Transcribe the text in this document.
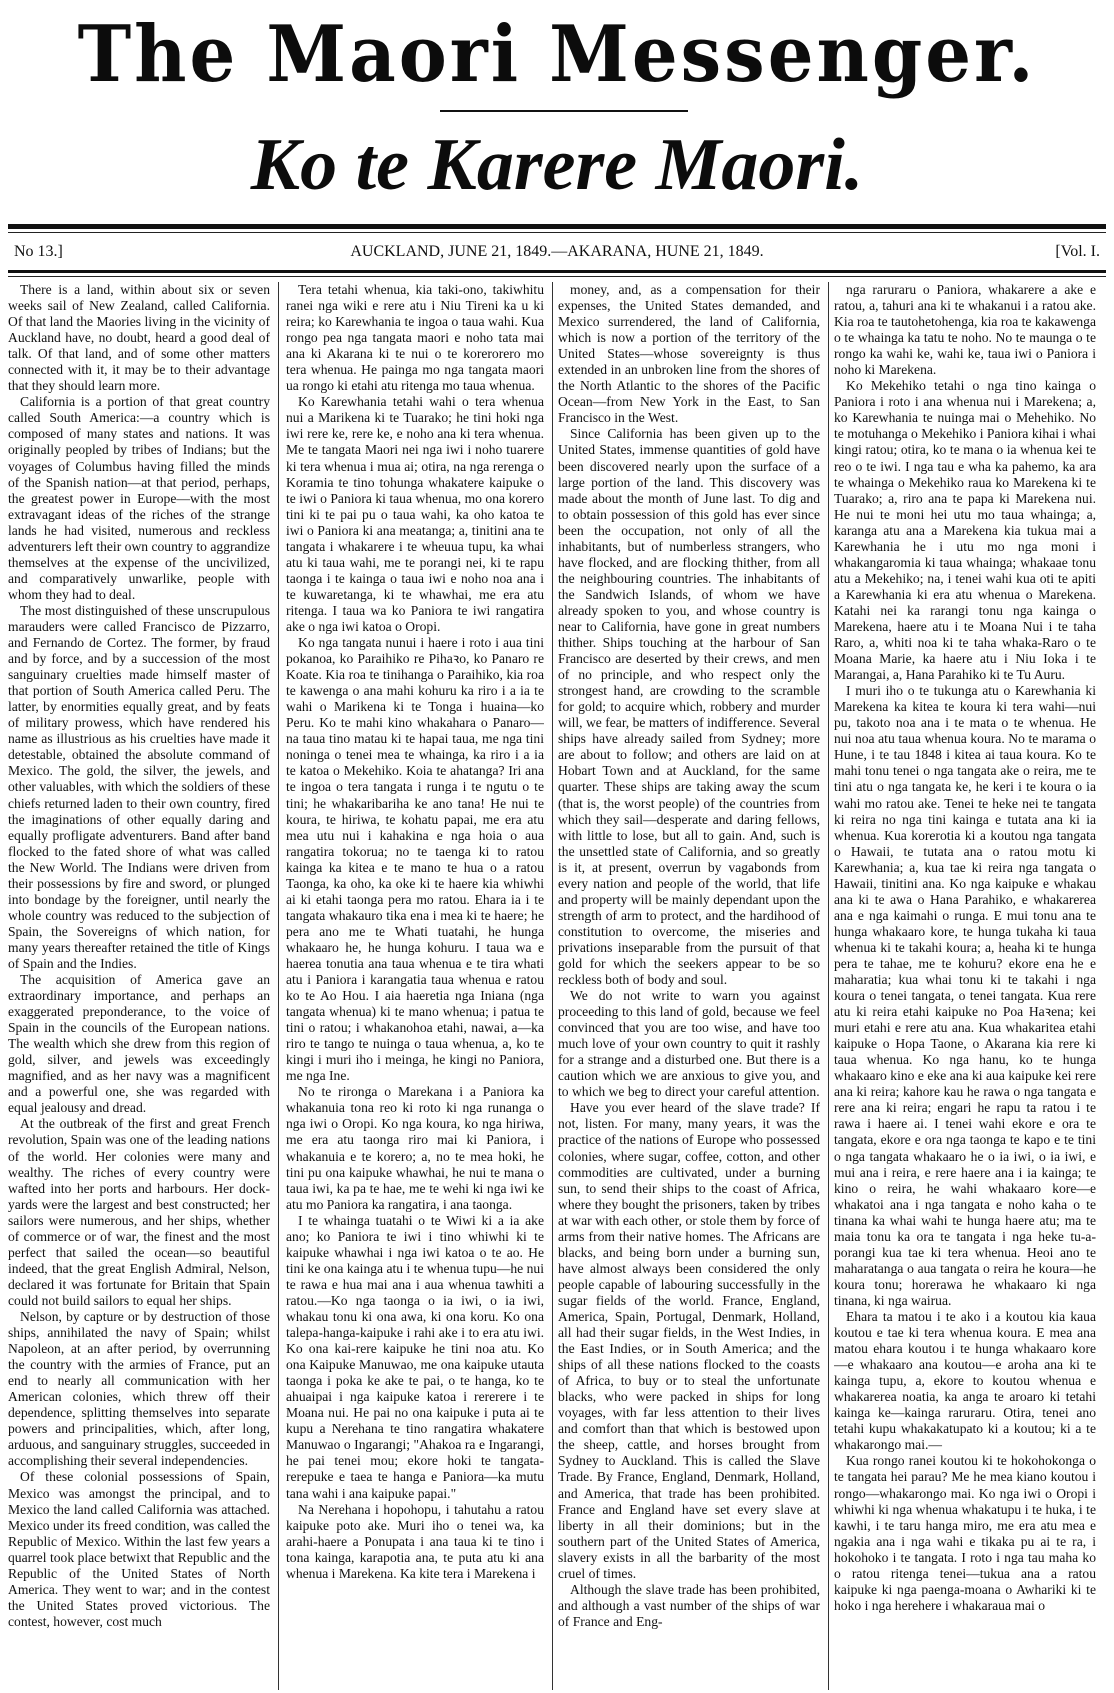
The Maori Messenger.
Ko te Karere Maori.
No 13.]	AUCKLAND, JUNE 21, 1849.—AKARANA, HUNE 21, 1849.	[Vol. I.

There is a land, within about six or seven weeks sail of New Zealand, called California. Of that land the Maories living in the vicinity of Auckland have, no doubt, heard a good deal of talk. Of that land, and of some other matters connected with it, it may be to their advantage that they should learn more.

California is a portion of that great country called South America:—a country which is composed of many states and nations. It was originally peopled by tribes of Indians; but the voyages of Columbus having filled the minds of the Spanish nation—at that period, perhaps, the greatest power in Europe—with the most extravagant ideas of the riches of the strange lands he had visited, numerous and reckless adventurers left their own country to aggrandize themselves at the expense of the uncivilized, and comparatively unwarlike, people with whom they had to deal.

The most distinguished of these unscrupulous marauders were called Francisco de Pizzarro, and Fernando de Cortez. The former, by fraud and by force, and by a succession of the most sanguinary cruelties made himself master of that portion of South America called Peru. The latter, by enormities equally great, and by feats of military prowess, which have rendered his name as illustrious as his cruelties have made it detestable, obtained the absolute command of Mexico. The gold, the silver, the jewels, and other valuables, with which the soldiers of these chiefs returned laden to their own country, fired the imaginations of other equally daring and equally profligate adventurers. Band after band flocked to the fated shore of what was called the New World. The Indians were driven from their possessions by fire and sword, or plunged into bondage by the foreigner, until nearly the whole country was reduced to the subjection of Spain, the Sovereigns of which nation, for many years thereafter retained the title of Kings of Spain and the Indies.

The acquisition of America gave an extraordinary importance, and perhaps an exaggerated preponderance, to the voice of Spain in the councils of the European nations. The wealth which she drew from this region of gold, silver, and jewels was exceedingly magnified, and as her navy was a magnificent and a powerful one, she was regarded with equal jealousy and dread.

At the outbreak of the first and great French revolution, Spain was one of the leading nations of the world. Her colonies were many and wealthy. The riches of every country were wafted into her ports and harbours. Her dock-yards were the largest and best constructed; her sailors were numerous, and her ships, whether of commerce or of war, the finest and the most perfect that sailed the ocean—so beautiful indeed, that the great English Admiral, Nelson, declared it was fortunate for Britain that Spain could not build sailors to equal her ships.

Nelson, by capture or by destruction of those ships, annihilated the navy of Spain; whilst Napoleon, at an after period, by overrunning the country with the armies of France, put an end to nearly all communication with her American colonies, which threw off their dependence, splitting themselves into separate powers and principalities, which, after long, arduous, and sanguinary struggles, succeeded in accomplishing their several independencies.

Of these colonial possessions of Spain, Mexico was amongst the principal, and to Mexico the land called California was attached. Mexico under its freed condition, was called the Republic of Mexico. Within the last few years a quarrel took place betwixt that Republic and the Republic of the United States of North America. They went to war; and in the contest the United States proved victorious. The contest, however, cost much

Tera tetahi whenua, kia taki-ono, takiwhitu ranei nga wiki e rere atu i Niu Tireni ka u ki reira; ko Karewhania te ingoa o taua wahi. Kua rongo pea nga tangata maori e noho tata mai ana ki Akarana ki te nui o te korerorero mo tera whenua. He painga mo nga tangata maori ua rongo ki etahi atu ritenga mo taua whenua.

Ko Karewhania tetahi wahi o tera whenua nui a Marikena ki te Tuarako; he tini hoki nga iwi rere ke, rere ke, e noho ana ki tera whenua. Me te tangata Maori nei nga iwi i noho tuarere ki tera whenua i mua ai; otira, na nga rerenga o Koramia te tino tohunga whakatere kaipuke o te iwi o Paniora ki taua whenua, mo ona korero tini ki te pai pu o taua wahi, ka oho katoa te iwi o Paniora ki ana meatanga; a, tinitini ana te tangata i whakarere i te wheuua tupu, ka whai atu ki taua wahi, me te porangi nei, ki te rapu taonga i te kainga o taua iwi e noho noa ana i te kuwaretanga, ki te whawhai, me era atu ritenga. I taua wa ko Paniora te iwi rangatira ake o nga iwi katoa o Oropi.

Ko nga tangata nunui i haere i roto i aua tini pokanoa, ko Paraihiko re Pihaꝛo, ko Panaro re Koate. Kia roa te tinihanga o Paraihiko, kia roa te kawenga o ana mahi kohuru ka riro i a ia te wahi o Marikena ki te Tonga i huaina—ko Peru. Ko te mahi kino whakahara o Panaro—na taua tino matau ki te hapai taua, me nga tini noninga o tenei mea te whainga, ka riro i a ia te katoa o Mekehiko. Koia te ahatanga? Iri ana te ingoa o tera tangata i runga i te ngutu o te tini; he whakaribariha ke ano tana! He nui te koura, te hiriwa, te kohatu papai, me era atu mea utu nui i kahakina e nga hoia o aua rangatira tokorua; no te taenga ki to ratou kainga ka kitea e te mano te hua o a ratou Taonga, ka oho, ka oke ki te haere kia whiwhi ai ki etahi taonga pera mo ratou. Ehara ia i te tangata whakauro tika ena i mea ki te haere; he pera ano me te Whati tuatahi, he hunga whakaaro he, he hunga kohuru. I taua wa e haerea tonutia ana taua whenua e te tira whati atu i Paniora i karangatia taua whenua e ratou ko te Ao Hou. I aia haeretia nga Iniana (nga tangata whenua) ki te mano whenua; i patua te tini o ratou; i whakanohoa etahi, nawai, a—ka riro te tango te nuinga o taua whenua, a, ko te kingi i muri iho i meinga, he kingi no Paniora, me nga Ine.

No te rironga o Marekana i a Paniora ka whakanuia tona reo ki roto ki nga runanga o nga iwi o Oropi. Ko nga koura, ko nga hiriwa, me era atu taonga riro mai ki Paniora, i whakanuia e te korero; a, no te mea hoki, he tini pu ona kaipuke whawhai, he nui te mana o taua iwi, ka pa te hae, me te wehi ki nga iwi ke atu mo Paniora ka rangatira, i ana taonga.

I te whainga tuatahi o te Wiwi ki a ia ake ano; ko Paniora te iwi i tino whiwhi ki te kaipuke whawhai i nga iwi katoa o te ao. He tini ke ona kainga atu i te whenua tupu—he nui te rawa e hua mai ana i aua whenua tawhiti a ratou.—Ko nga taonga o ia iwi, o ia iwi, whakau tonu ki ona awa, ki ona koru. Ko ona talepa-hanga-kaipuke i rahi ake i to era atu iwi. Ko ona kai-rere kaipuke he tini noa atu. Ko ona Kaipuke Manuwao, me ona kaipuke utauta taonga i poka ke ake te pai, o te hanga, ko te ahuaipai i nga kaipuke katoa i rererere i te Moana nui. He pai no ona kaipuke i puta ai te kupu a Nerehana te tino rangatira whakatere Manuwao o Ingarangi; "Ahakoa ra e Ingarangi, he pai tenei mou; ekore hoki te tangata-rerepuke e taea te hanga e Paniora—ka mutu tana wahi i ana kaipuke papai."

Na Nerehana i hopohopu, i tahutahu a ratou kaipuke poto ake. Muri iho o tenei wa, ka arahi-haere a Ponupata i ana taua ki te tino i tona kainga, karapotia ana, te puta atu ki ana whenua i Marekena. Ka kite tera i Marekena i

money, and, as a compensation for their expenses, the United States demanded, and Mexico surrendered, the land of California, which is now a portion of the territory of the United States—whose sovereignty is thus extended in an unbroken line from the shores of the North Atlantic to the shores of the Pacific Ocean—from New York in the East, to San Francisco in the West.

Since California has been given up to the United States, immense quantities of gold have been discovered nearly upon the surface of a large portion of the land. This discovery was made about the month of June last. To dig and to obtain possession of this gold has ever since been the occupation, not only of all the inhabitants, but of numberless strangers, who have flocked, and are flocking thither, from all the neighbouring countries. The inhabitants of the Sandwich Islands, of whom we have already spoken to you, and whose country is near to California, have gone in great numbers thither. Ships touching at the harbour of San Francisco are deserted by their crews, and men of no principle, and who respect only the strongest hand, are crowding to the scramble for gold; to acquire which, robbery and murder will, we fear, be matters of indifference. Several ships have already sailed from Sydney; more are about to follow; and others are laid on at Hobart Town and at Auckland, for the same quarter. These ships are taking away the scum (that is, the worst people) of the countries from which they sail—desperate and daring fellows, with little to lose, but all to gain. And, such is the unsettled state of California, and so greatly is it, at present, overrun by vagabonds from every nation and people of the world, that life and property will be mainly dependant upon the strength of arm to protect, and the hardihood of constitution to overcome, the miseries and privations inseparable from the pursuit of that gold for which the seekers appear to be so reckless both of body and soul.

We do not write to warn you against proceeding to this land of gold, because we feel convinced that you are too wise, and have too much love of your own country to quit it rashly for a strange and a disturbed one. But there is a caution which we are anxious to give you, and to which we beg to direct your careful attention.

Have you ever heard of the slave trade? If not, listen. For many, many years, it was the practice of the nations of Europe who possessed colonies, where sugar, coffee, cotton, and other commodities are cultivated, under a burning sun, to send their ships to the coast of Africa, where they bought the prisoners, taken by tribes at war with each other, or stole them by force of arms from their native homes. The Africans are blacks, and being born under a burning sun, have almost always been considered the only people capable of labouring successfully in the sugar fields of the world. France, England, America, Spain, Portugal, Denmark, Holland, all had their sugar fields, in the West Indies, in the East Indies, or in South America; and the ships of all these nations flocked to the coasts of Africa, to buy or to steal the unfortunate blacks, who were packed in ships for long voyages, with far less attention to their lives and comfort than that which is bestowed upon the sheep, cattle, and horses brought from Sydney to Auckland. This is called the Slave Trade. By France, England, Denmark, Holland, and America, that trade has been prohibited. France and England have set every slave at liberty in all their dominions; but in the southern part of the United States of America, slavery exists in all the barbarity of the most cruel of times.

Although the slave trade has been prohibited, and although a vast number of the ships of war of France and Eng-

nga raruraru o Paniora, whakarere a ake e ratou, a, tahuri ana ki te whakanui i a ratou ake. Kia roa te tautohetohenga, kia roa te kakawenga o te whainga ka tatu te noho. No te maunga o te rongo ka wahi ke, wahi ke, taua iwi o Paniora i noho ki Marekena.

Ko Mekehiko tetahi o nga tino kainga o Paniora i roto i ana whenua nui i Marekena; a, ko Karewhania te nuinga mai o Mehehiko. No te motuhanga o Mekehiko i Paniora kihai i whai kingi ratou; otira, ko te mana o ia whenua kei te reo o te iwi. I nga tau e wha ka pahemo, ka ara te whainga o Mekehiko raua ko Marekena ki te Tuarako; a, riro ana te papa ki Marekena nui. He nui te moni hei utu mo taua whainga; a, karanga atu ana a Marekena kia tukua mai a Karewhania he i utu mo nga moni i whakangaromia ki taua whainga; whakaae tonu atu a Mekehiko; na, i tenei wahi kua oti te apiti a Karewhania ki era atu whenua o Marekena. Katahi nei ka rarangi tonu nga kainga o Marekena, haere atu i te Moana Nui i te taha Raro, a, whiti noa ki te taha whaka-Raro o te Moana Marie, ka haere atu i Niu Ioka i te Marangai, a, Hana Parahiko ki te Tu Auru.

I muri iho o te tukunga atu o Karewhania ki Marekena ka kitea te koura ki tera wahi—nui pu, takoto noa ana i te mata o te whenua. He nui noa atu taua whenua koura. No te marama o Hune, i te tau 1848 i kitea ai taua koura. Ko te mahi tonu tenei o nga tangata ake o reira, me te tini atu o nga tangata ke, he keri i te koura o ia wahi mo ratou ake. Tenei te heke nei te tangata ki reira no nga tini kainga e tutata ana ki ia whenua. Kua korerotia ki a koutou nga tangata o Hawaii, te tutata ana o ratou motu ki Karewhania; a, kua tae ki reira nga tangata o Hawaii, tinitini ana. Ko nga kaipuke e whakau ana ki te awa o Hana Parahiko, e whakarerea ana e nga kaimahi o runga. E mui tonu ana te hunga whakaaro kore, te hunga tukaha ki taua whenua ki te takahi koura; a, heaha ki te hunga pera te tahae, me te kohuru? ekore ena he e maharatia; kua whai tonu ki te takahi i nga koura o tenei tangata, o tenei tangata. Kua rere atu ki reira etahi kaipuke no Poa Haꝛena; kei muri etahi e rere atu ana. Kua whakaritea etahi kaipuke o Hopa Taone, o Akarana kia rere ki taua whenua. Ko nga hanu, ko te hunga whakaaro kino e eke ana ki aua kaipuke kei rere ana ki reira; kahore kau he rawa o nga tangata e rere ana ki reira; engari he rapu ta ratou i te rawa i haere ai. I tenei wahi ekore e ora te tangata, ekore e ora nga taonga te kapo e te tini o nga tangata whakaaro he o ia iwi, o ia iwi, e mui ana i reira, e rere haere ana i ia kainga; te kino o reira, he wahi whakaaro kore—e whakatoi ana i nga tangata e noho kaha o te tinana ka whai wahi te hunga haere atu; ma te maia tonu ka ora te tangata i nga heke tu-a-porangi kua tae ki tera whenua. Heoi ano te maharatanga o aua tangata o reira he koura—he koura tonu; horerawa he whakaaro ki nga tinana, ki nga wairua.

Ehara ta matou i te ako i a koutou kia kaua koutou e tae ki tera whenua koura. E mea ana matou ehara koutou i te hunga whakaaro kore—e whakaaro ana koutou—e aroha ana ki te kainga tupu, a, ekore to koutou whenua e whakarerea noatia, ka anga te aroaro ki tetahi kainga ke—kainga raruraru. Otira, tenei ano tetahi kupu whakakatupato ki a koutou; ki a te whakarongo mai.—

Kua rongo ranei koutou ki te hokohokonga o te tangata hei parau? Me he mea kiano koutou i rongo—whakarongo mai. Ko nga iwi o Oropi i whiwhi ki nga whenua whakatupu i te huka, i te kawhi, i te taru hanga miro, me era atu mea e ngakia ana i nga wahi e tikaka pu ai te ra, i hokohoko i te tangata. I roto i nga tau maha ko o ratou ritenga tenei—tukua ana a ratou kaipuke ki nga paenga-moana o Awhariki ki te hoko i nga herehere i whakaraua mai o
